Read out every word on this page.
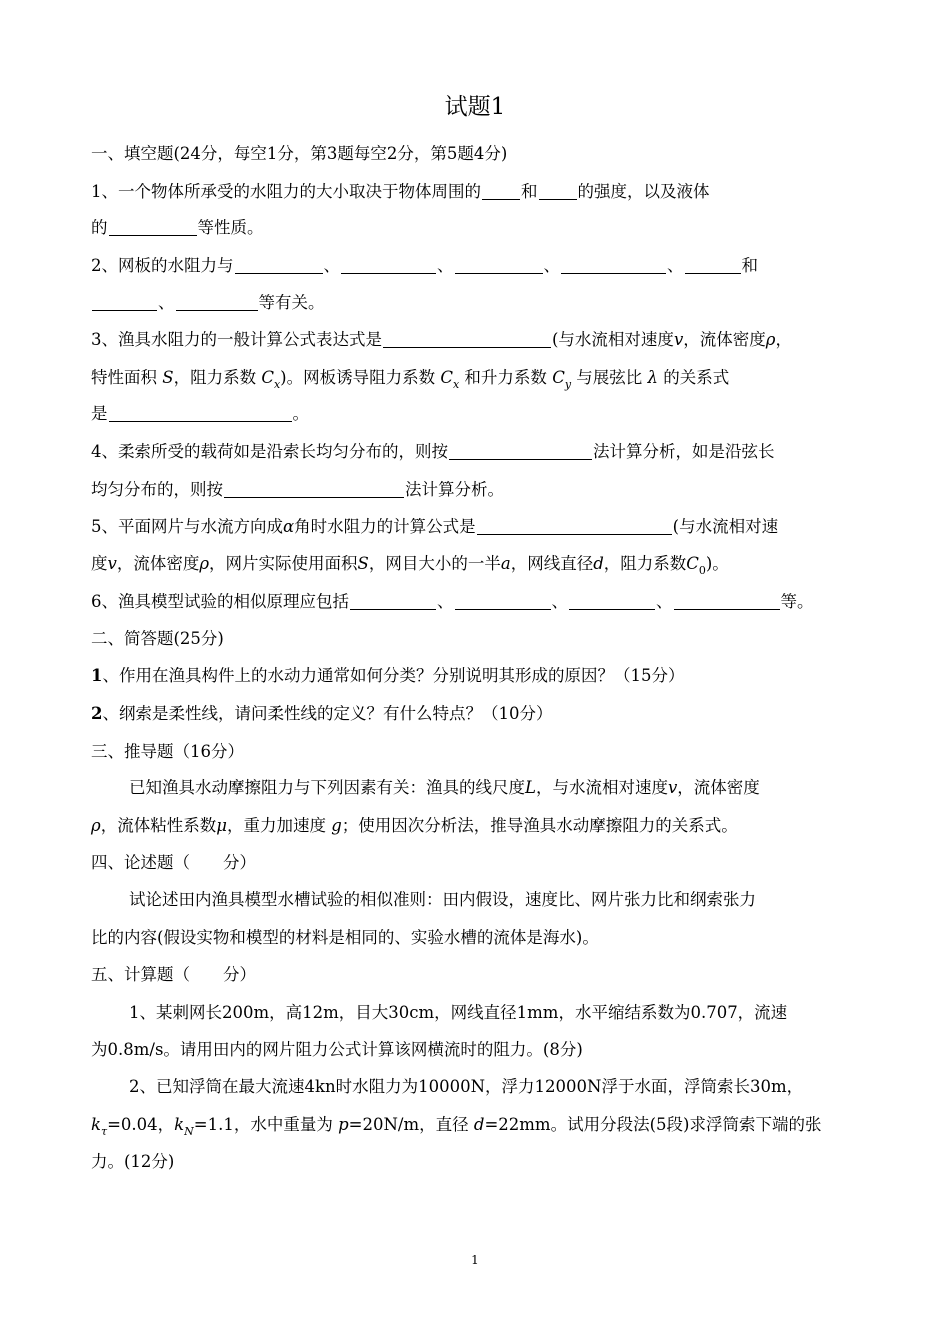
试题1
一、填空题(24分，每空1分，第3题每空2分，第5题4分)
1、一个物体所承受的水阻力的大小取决于物体周围的 和 的强度，以及液体
的	等性质。
2、网板的水阻力与	、	、	、	、	和
、	等有关。
3、渔具水阻力的一般计算公式表达式是	(与水流相对速度v，流体密度ρ，
特性面积 S，阻力系数 $C_x$)。网板诱导阻力系数 $C_x$ 和升力系数 $C_y$ 与展弦比 λ 的关系式
是	。
4、柔索所受的载荷如是沿索长均匀分布的，则按	法计算分析，如是沿弦长
均匀分布的，则按	法计算分析。
5、平面网片与水流方向成α角时水阻力的计算公式是	(与水流相对速
度v，流体密度ρ，网片实际使用面积S，网目大小的一半a，网线直径d，阻力系数$C_0$)。
6、渔具模型试验的相似原理应包括	、	、	、	等。
二、简答题(25分)
1、作用在渔具构件上的水动力通常如何分类？分别说明其形成的原因？（15分）
2、纲索是柔性线，请问柔性线的定义？有什么特点？（10分）
三、推导题（16分）
已知渔具水动摩擦阻力与下列因素有关：渔具的线尺度L，与水流相对速度v，流体密度
ρ，流体粘性系数μ，重力加速度 g；使用因次分析法，推导渔具水动摩擦阻力的关系式。
四、论述题（　　分）
试论述田内渔具模型水槽试验的相似准则：田内假设，速度比、网片张力比和纲索张力
比的内容(假设实物和模型的材料是相同的、实验水槽的流体是海水)。
五、计算题（　　分）
1、某刺网长200m，高12m，目大30cm，网线直径1mm，水平缩结系数为0.707，流速
为0.8m/s。请用田内的网片阻力公式计算该网横流时的阻力。(8分)
2、已知浮筒在最大流速4kn时水阻力为10000N，浮力12000N浮于水面，浮筒索长30m，
$k_\tau=0.04$，$k_N=1.1$，水中重量为 p=20N/m，直径 d=22mm。试用分段法(5段)求浮筒索下端的张
力。(12分)
1
